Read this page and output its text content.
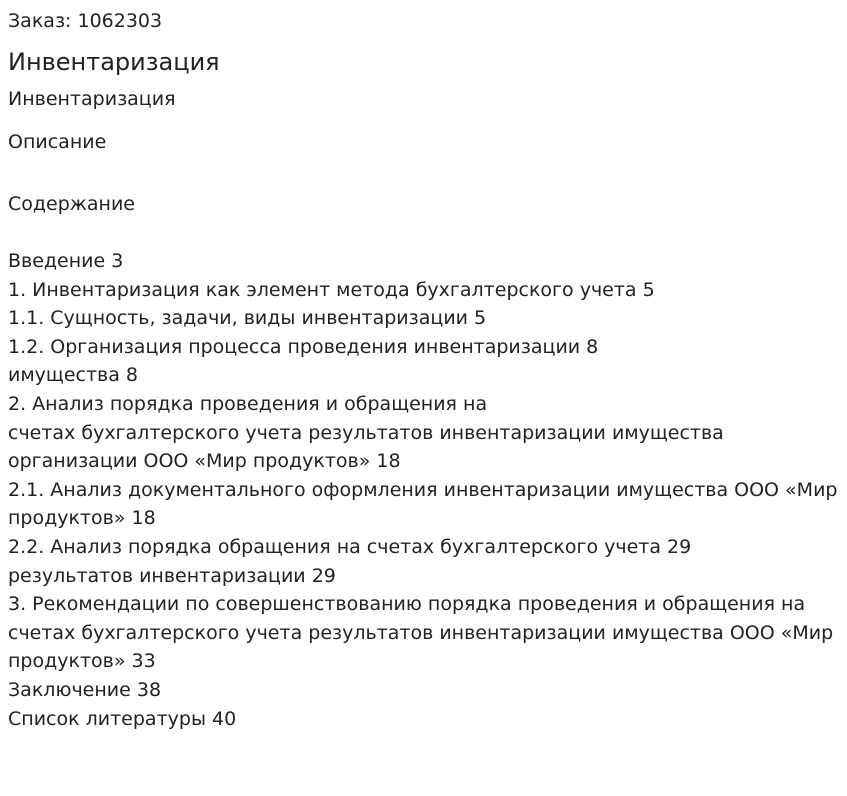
Заказ: 1062303
Инвентаризация
Инвентаризация
Описание
Содержание
Введение 3
1. Инвентаризация как элемент метода бухгалтерского учета 5
1.1. Сущность, задачи, виды инвентаризации 5
1.2. Организация процесса проведения инвентаризации 8
имущества 8
2. Анализ порядка проведения и обращения на
счетах бухгалтерского учета результатов инвентаризации имущества
организации ООО «Мир продуктов» 18
2.1. Анализ документального оформления инвентаризации имущества ООО «Мир
продуктов» 18
2.2. Анализ порядка обращения на счетах бухгалтерского учета 29
результатов инвентаризации 29
3. Рекомендации по совершенствованию порядка проведения и обращения на
счетах бухгалтерского учета результатов инвентаризации имущества ООО «Мир
продуктов» 33
Заключение 38
Список литературы 40
